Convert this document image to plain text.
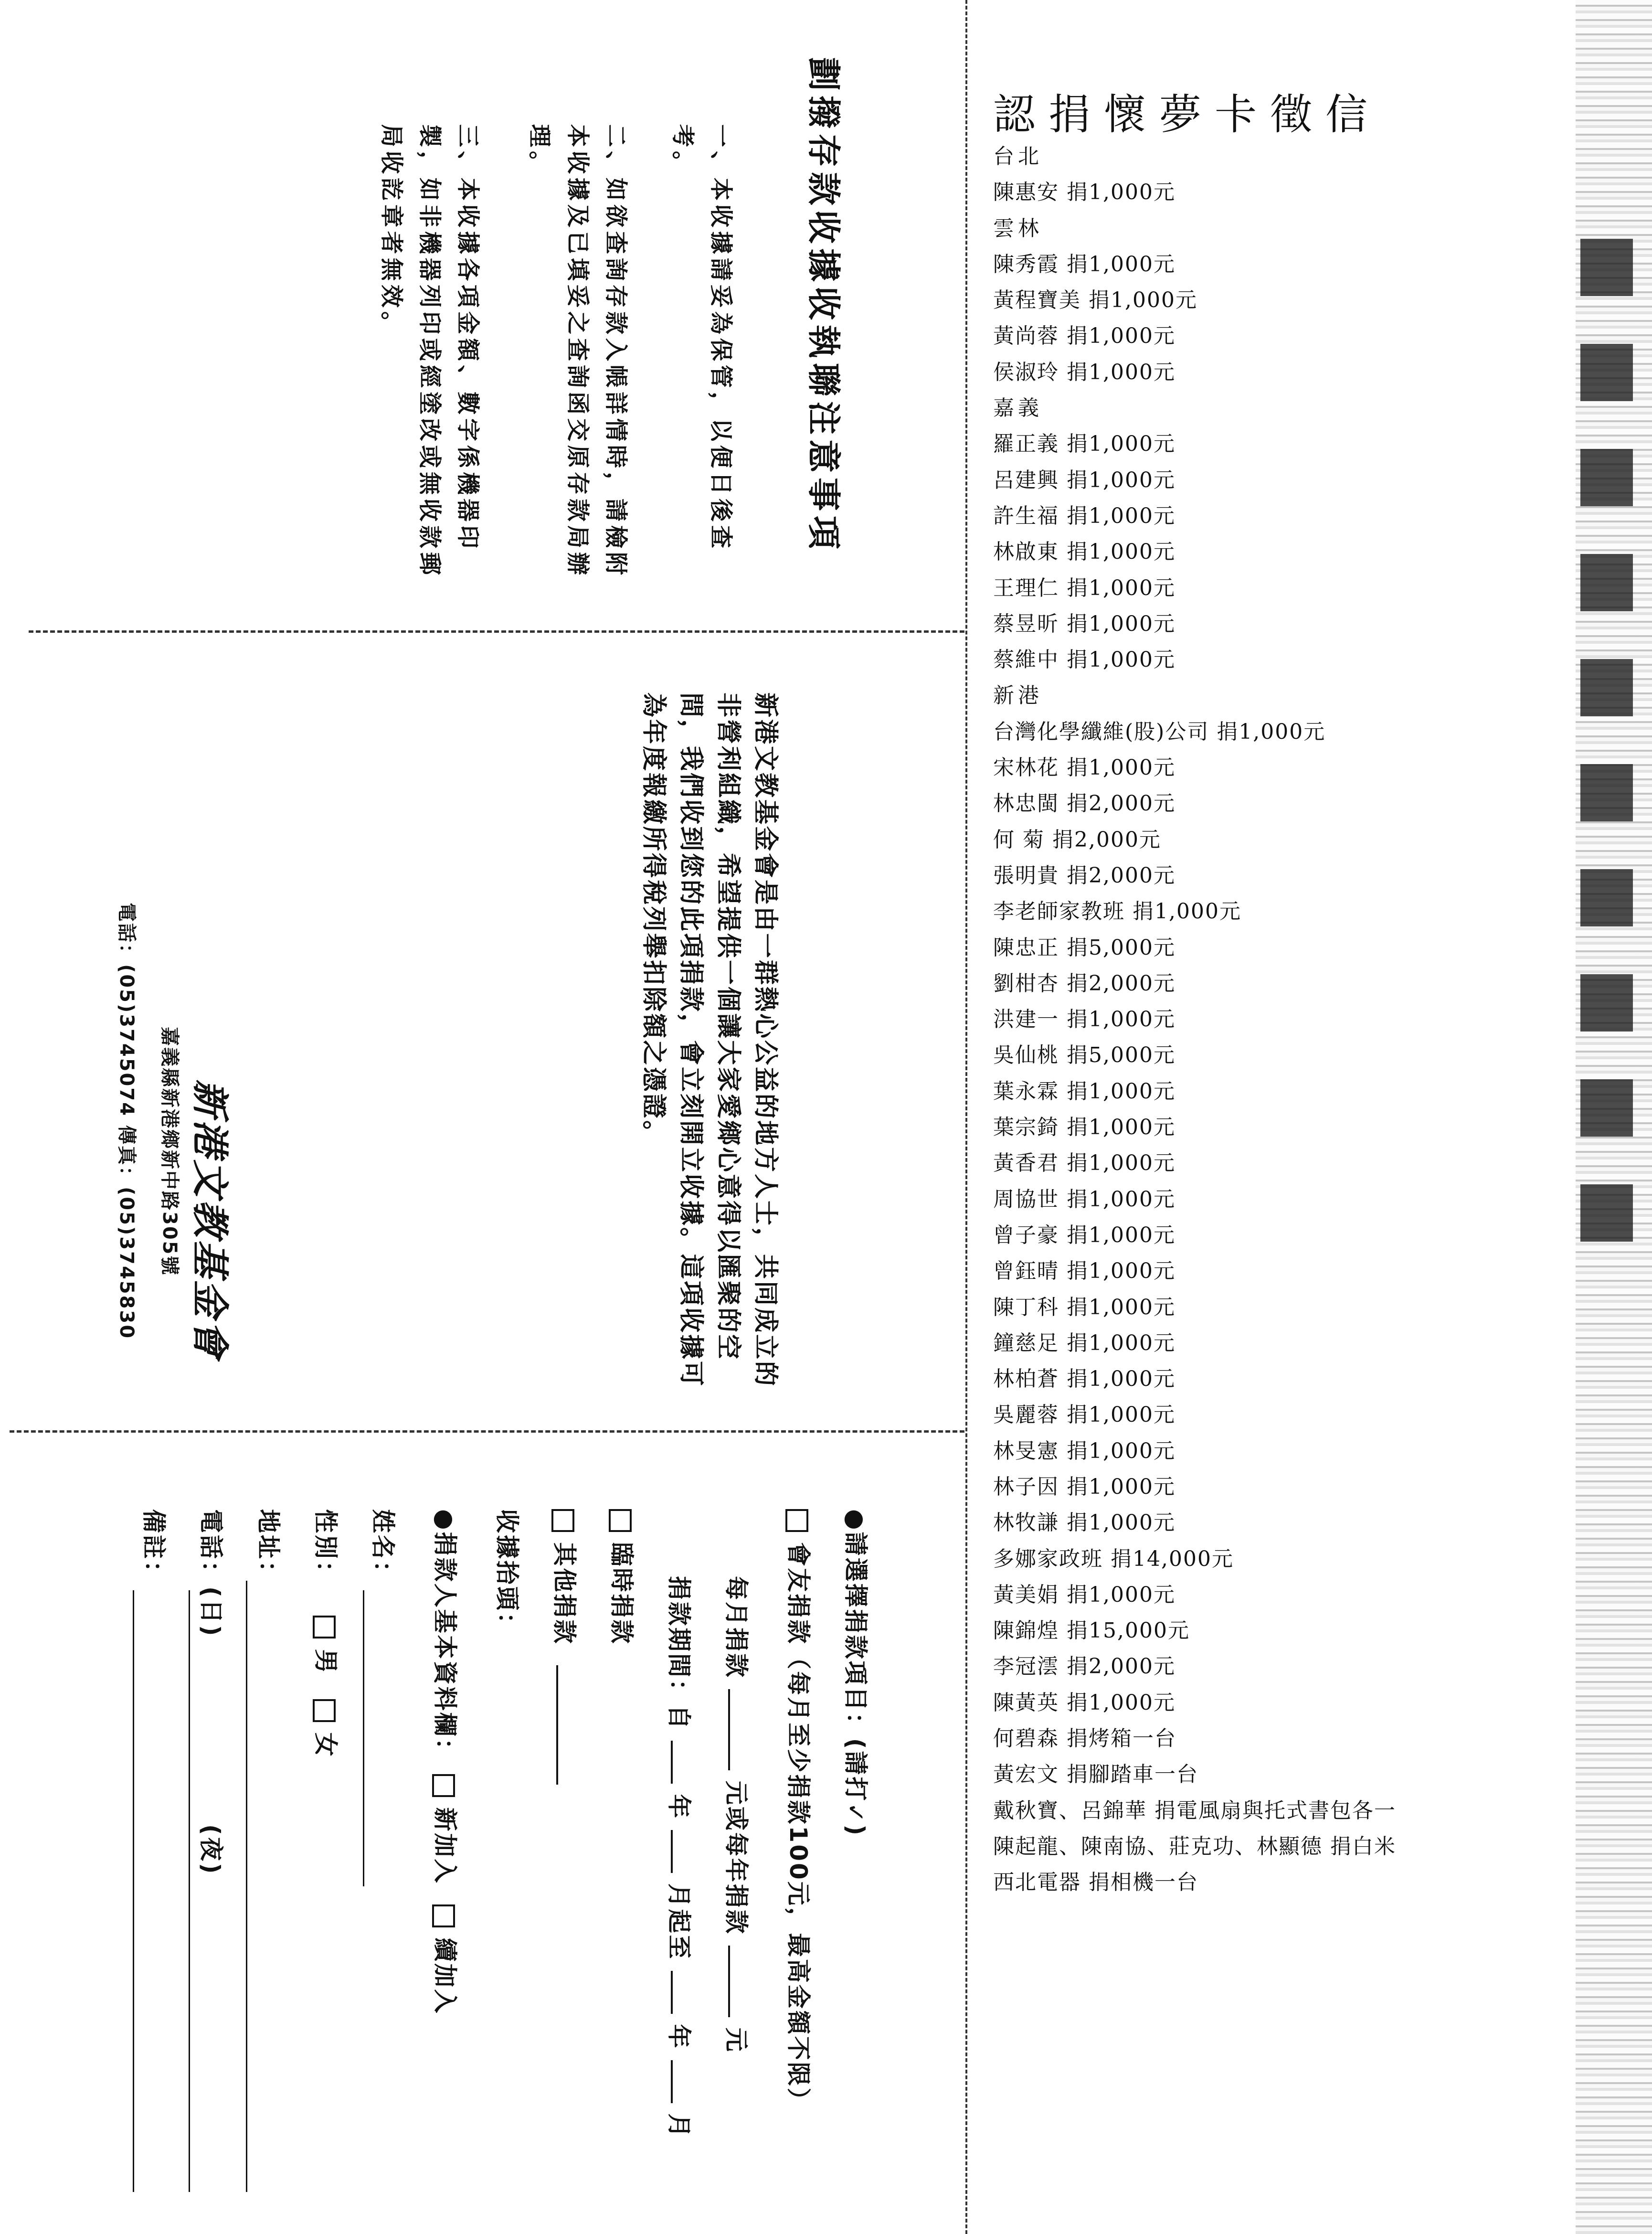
認捐懷夢卡徵信
台北
陳惠安 捐1,000元
雲林
陳秀霞 捐1,000元
黃程寶美 捐1,000元
黃尚蓉 捐1,000元
侯淑玲 捐1,000元
嘉義
羅正義 捐1,000元
呂建興 捐1,000元
許生福 捐1,000元
林啟東 捐1,000元
王理仁 捐1,000元
蔡昱昕 捐1,000元
蔡維中 捐1,000元
新港
台灣化學纖維(股)公司 捐1,000元
宋林花 捐1,000元
林忠閩 捐2,000元
何 菊 捐2,000元
張明貴 捐2,000元
李老師家教班 捐1,000元
陳忠正 捐5,000元
劉柑杏 捐2,000元
洪建一 捐1,000元
吳仙桃 捐5,000元
葉永霖 捐1,000元
葉宗錡 捐1,000元
黃香君 捐1,000元
周協世 捐1,000元
曾子豪 捐1,000元
曾鈺晴 捐1,000元
陳丁科 捐1,000元
鐘慈足 捐1,000元
林柏蒼 捐1,000元
吳麗蓉 捐1,000元
林旻憲 捐1,000元
林子因 捐1,000元
林牧謙 捐1,000元
多娜家政班 捐14,000元
黃美娟 捐1,000元
陳錦煌 捐15,000元
李冠澐 捐2,000元
陳黃英 捐1,000元
何碧森 捐烤箱一台
黃宏文 捐腳踏車一台
戴秋寶、呂錦華 捐電風扇與托式書包各一
陳起龍、陳南協、莊克功、林顯德 捐白米
西北電器 捐相機一台
劃撥存款收據收執聯注意事項
一、本收據請妥為保管，以便日後查考。
二、如欲查詢存款入帳詳情時，請檢附本收據及已填妥之查詢函交原存款局辦理。
三、本收據各項金額、數字係機器印製，如非機器列印或經塗改或無收款郵局收訖章者無效。
新港文教基金會是由一群熱心公益的地方人士，共同成立的非營利組織，希望提供一個讓大家愛鄉心意得以匯聚的空間，我們收到您的此項捐款，會立刻開立收據。這項收據可為年度報繳所得稅列舉扣除額之憑證。
新港文教基金會
嘉義縣新港鄉新中路305號
電話：(05)3745074 傳真：(05)3745830
●請選擇捐款項目：(請打✓)
會友捐款（每月至少捐款100元，最高金額不限）
每月捐款  元或每年捐款  元
捐款期間：自  年  月起至  年  月
臨時捐款
其他捐款
收據抬頭：
●捐款人基本資料欄：  新加入  續加入
姓名：
性別：  男  女
地址：
電話：(日)
(夜)
備註：
